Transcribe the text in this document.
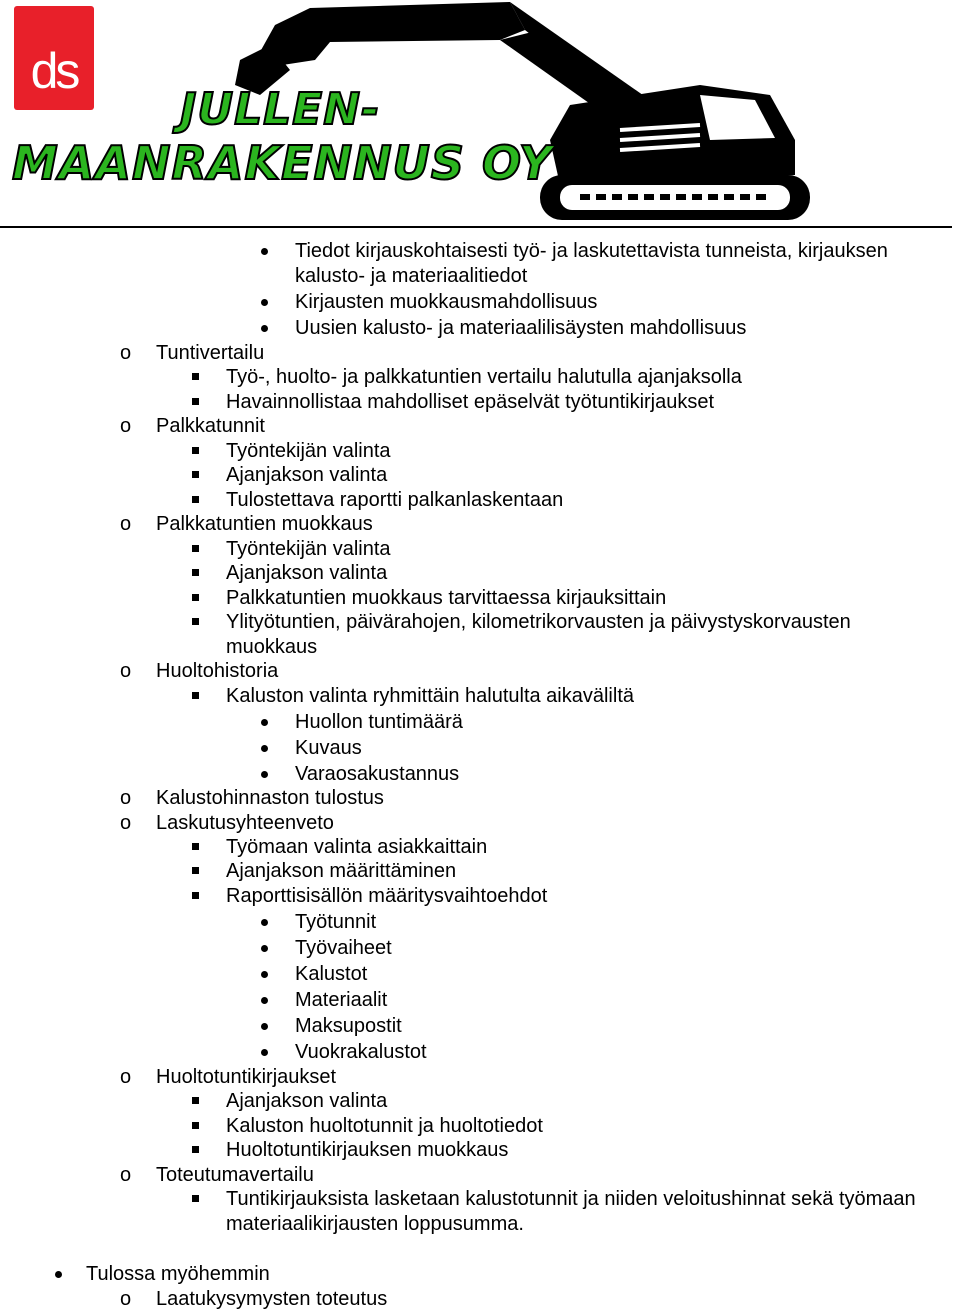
ds
JULLEN-
MAANRAKENNUS OY
Tiedot kirjauskohtaisesti työ- ja laskutettavista tunneista, kirjauksen
kalusto- ja materiaalitiedot
Kirjausten muokkausmahdollisuus
Uusien kalusto- ja materiaalilisäysten mahdollisuus
o
Tuntivertailu
Työ-, huolto- ja palkkatuntien vertailu halutulla ajanjaksolla
Havainnollistaa mahdolliset epäselvät työtuntikirjaukset
o
Palkkatunnit
Työntekijän valinta
Ajanjakson valinta
Tulostettava raportti palkanlaskentaan
o
Palkkatuntien muokkaus
Työntekijän valinta
Ajanjakson valinta
Palkkatuntien muokkaus tarvittaessa kirjauksittain
Ylityötuntien, päivärahojen, kilometrikorvausten ja päivystyskorvausten
muokkaus
o
Huoltohistoria
Kaluston valinta ryhmittäin halutulta aikaväliltä
Huollon tuntimäärä
Kuvaus
Varaosakustannus
o
Kalustohinnaston tulostus
o
Laskutusyhteenveto
Työmaan valinta asiakkaittain
Ajanjakson määrittäminen
Raporttisisällön määritysvaihtoehdot
Työtunnit
Työvaiheet
Kalustot
Materiaalit
Maksupostit
Vuokrakalustot
o
Huoltotuntikirjaukset
Ajanjakson valinta
Kaluston huoltotunnit ja huoltotiedot
Huoltotuntikirjauksen muokkaus
o
Toteutumavertailu
Tuntikirjauksista lasketaan kalustotunnit ja niiden veloitushinnat sekä työmaan
materiaalikirjausten loppusumma.
Tulossa myöhemmin
o
Laatukysymysten toteutus
